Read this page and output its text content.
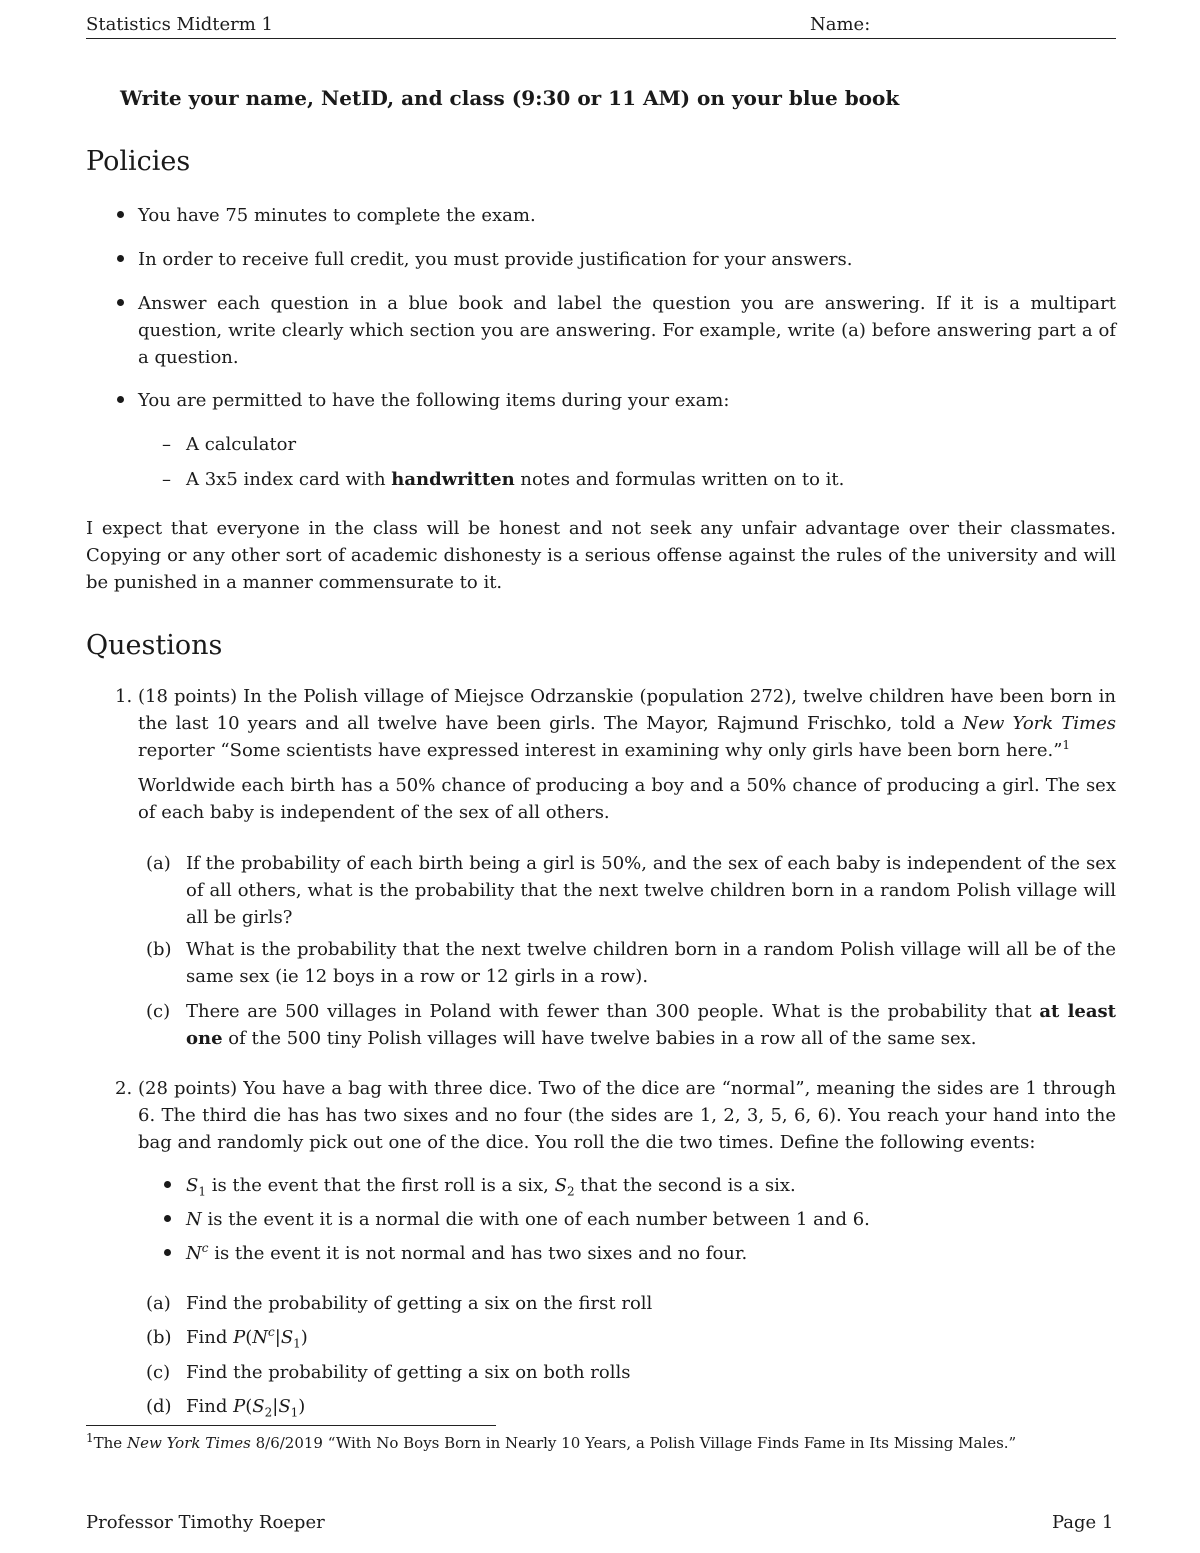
Statistics Midterm 1	Name:
Write your name, NetID, and class (9:30 or 11 AM) on your blue book
Policies
You have 75 minutes to complete the exam.
In order to receive full credit, you must provide justification for your answers.
Answer each question in a blue book and label the question you are answering. If it is a multipart question, write clearly which section you are answering. For example, write (a) before answering part a of a question.
You are permitted to have the following items during your exam:
– A calculator
– A 3x5 index card with handwritten notes and formulas written on to it.
I expect that everyone in the class will be honest and not seek any unfair advantage over their classmates. Copying or any other sort of academic dishonesty is a serious offense against the rules of the university and will be punished in a manner commensurate to it.
Questions
1. (18 points) In the Polish village of Miejsce Odrzanskie (population 272), twelve children have been born in the last 10 years and all twelve have been girls. The Mayor, Rajmund Frischko, told a New York Times reporter “Some scientists have expressed interest in examining why only girls have been born here.”$^1$
Worldwide each birth has a 50% chance of producing a boy and a 50% chance of producing a girl. The sex of each baby is independent of the sex of all others.
(a) If the probability of each birth being a girl is 50%, and the sex of each baby is independent of the sex of all others, what is the probability that the next twelve children born in a random Polish village will all be girls?
(b) What is the probability that the next twelve children born in a random Polish village will all be of the same sex (ie 12 boys in a row or 12 girls in a row).
(c) There are 500 villages in Poland with fewer than 300 people. What is the probability that at least one of the 500 tiny Polish villages will have twelve babies in a row all of the same sex.
2. (28 points) You have a bag with three dice. Two of the dice are “normal”, meaning the sides are 1 through 6. The third die has has two sixes and no four (the sides are 1, 2, 3, 5, 6, 6). You reach your hand into the bag and randomly pick out one of the dice. You roll the die two times. Define the following events:
$S_1$ is the event that the first roll is a six, $S_2$ that the second is a six.
N is the event it is a normal die with one of each number between 1 and 6.
$N^c$ is the event it is not normal and has two sixes and no four.
(a) Find the probability of getting a six on the first roll
(b) Find $P(N^c|S_1)$
(c) Find the probability of getting a six on both rolls
(d) Find $P(S_2|S_1)$
$^1$The New York Times 8/6/2019 “With No Boys Born in Nearly 10 Years, a Polish Village Finds Fame in Its Missing Males.”
Professor Timothy Roeper	Page 1
